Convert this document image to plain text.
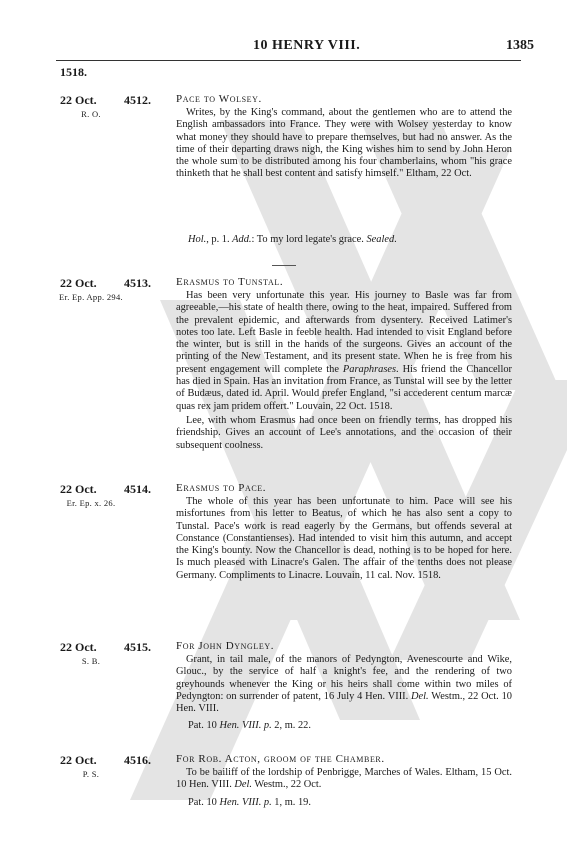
10 HENRY VIII.	1385
1518.
22 Oct. 4512.
R. O.
Pace to Wolsey.

Writes, by the King's command, about the gentlemen who are to attend the English ambassadors into France. They were with Wolsey yesterday to know what money they should have to prepare themselves, but had no answer. As the time of their departing draws nigh, the King wishes him to send by John Heron the whole sum to be distributed among his four chamberlains, whom "his grace thinketh that he shall best content and satisfy himself." Eltham, 22 Oct.

Hol., p. 1. Add.: To my lord legate's grace. Sealed.
22 Oct. 4513.
Er. Ep. App. 294.
Erasmus to Tunstal.

Has been very unfortunate this year. His journey to Basle was far from agreeable,—his state of health there, owing to the heat, impaired. Suffered from the prevalent epidemic, and afterwards from dysentery. Received Latimer's notes too late. Left Basle in feeble health. Had intended to visit England before the winter, but is still in the hands of the surgeons. Gives an account of the printing of the New Testament, and its present state. When he is free from his present engagement will complete the Paraphrases. His friend the Chancellor has died in Spain. Has an invitation from France, as Tunstal will see by the letter of Budæus, dated id. April. Would prefer England, "si accederent centum marcæ quas rex jam pridem offert." Louvain, 22 Oct. 1518.

Lee, with whom Erasmus had once been on friendly terms, has dropped his friendship. Gives an account of Lee's annotations, and the occasion of their subsequent coolness.

22 Oct. 4514.
Er. Ep. x. 26.
Erasmus to Pace.

The whole of this year has been unfortunate to him. Pace will see his misfortunes from his letter to Beatus, of which he has also sent a copy to Tunstal. Pace's work is read eagerly by the Germans, but offends several at Constance (Constantienses). Had intended to visit him this autumn, and accept the King's bounty. Now the Chancellor is dead, nothing is to be hoped for here. Is much pleased with Linacre's Galen. The affair of the tenths does not please Germany. Compliments to Linacre. Louvain, 11 cal. Nov. 1518.

22 Oct. 4515.
S. B.
For John Dyngley.

Grant, in tail male, of the manors of Pedyngton, Avenescourte and Wike, Glouc., by the service of half a knight's fee, and the rendering of two greyhounds whenever the King or his heirs shall come within two miles of Pedyngton: on surrender of patent, 16 July 4 Hen. VIII. Del. Westm., 22 Oct. 10 Hen. VIII.

Pat. 10 Hen. VIII. p. 2, m. 22.
22 Oct. 4516.
P. S.
For Rob. Acton, groom of the Chamber.

To be bailiff of the lordship of Penbrigge, Marches of Wales. Eltham, 15 Oct. 10 Hen. VIII. Del. Westm., 22 Oct.

Pat. 10 Hen. VIII. p. 1, m. 19.
